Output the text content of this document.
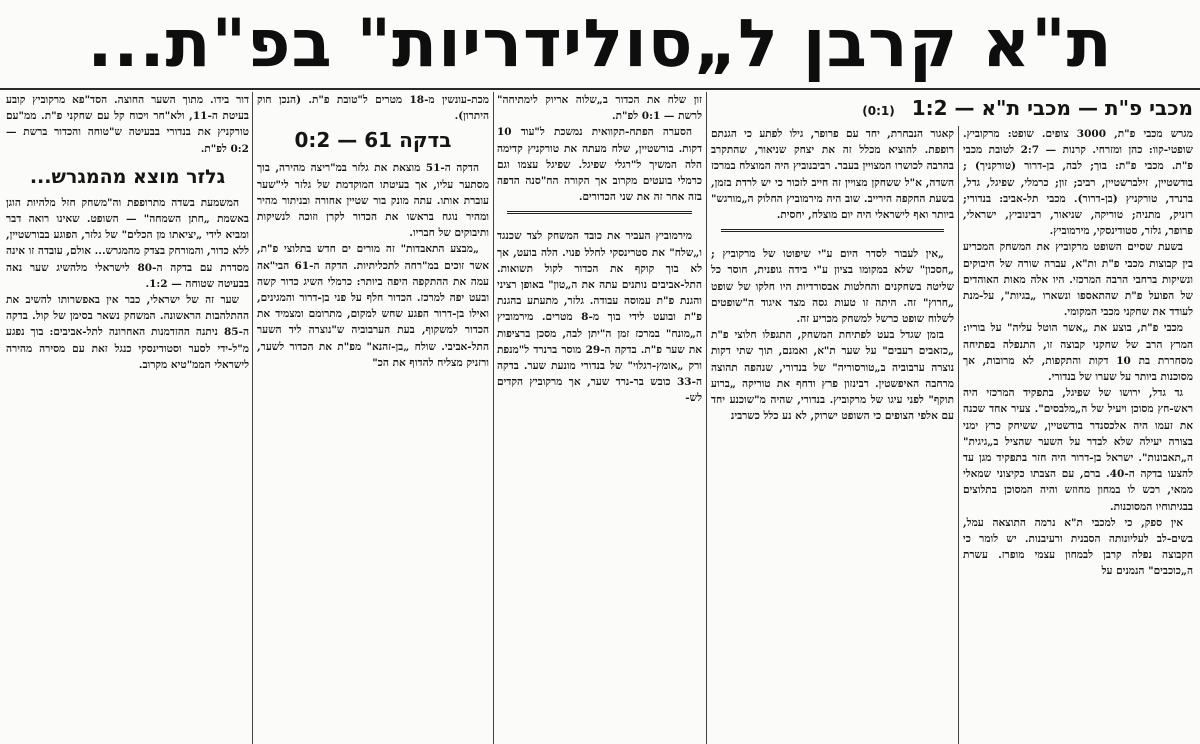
ת"א קרבן ל„סולידריות" בפ"ת...
מכבי פ"ת — מכבי ת"א — 1:2 (0:1)

מגרש מכבי פ"ת, 3000 צופים. שופט: מרקוביץ. שופטי-קוו: כהן ומזרחי. קרנות — 2:7 לטובת מכבי פ"ת. מכבי פ"ת: בוך; לבה, בן-דרור (טורקניך) ; בודשטיין, זילברשטיין, רביב; זון; כרמלי, שפיגל, גדל, ברנרד, טורקניץ (בן-דרור). מכבי תל-אביב: בנדורי; רזניק, מתניה; טוריקה, שניאור, רבינוביץ, ישראלי, פרופר, גלזר, סטודינסקי, מירמוביץ.

בשעת שסיים השופט מרקוביץ את המשחק המכריע בין קבוצות מכבי פ"ת ות"א, עברה שורה של חיבוקים ונשיקות ברחבי הרבה המרכזי. היו אלה מאות האוהדים של הפועל פ"ת שהתאספו ונשארו „בגיות", על-מנת לעודד את שחקני מכבי המקומי.

מכבי פ"ת, בוצע את „אשר הוטל עליה" על בוריו: המרץ הרב של שחקני קבוצה זו, התנפלה בפתיחה מסחררת בת 10 דקות והתקפות, לא מרובות, אך מסוכנות ביותר על שערו של בנדורי.

גד גדל, ירושו של שפיגל, בתפקיד המרכזי היה ראש-חץ מסוכן ויעיל של ה„מלבסים". צעיר אחד שכנה את זעמו היה אלכסנדר בודשטיין, ששיחק כרץ ימני בצורה יעילה שלא לבדר על השער שהציל ב„גיגית" ה„תאבונות". ישראל בן-דרור היה חזר בתפקיד מגן עד להצעו בדקה ה-40. ברם, עם הצבתו כקיצוני שמאלי ממאי, רכש לו במחון מחוזש והיה המסוכן בתלוצים בבגיתוחיו המסוכנות.

אין ספק, כי למכבי ת"א נרמה התוצאה עמל, בשים-לב לעליונותה הסבנית ורעיבנות. יש לומר כי הקבוצה נפלה קרבן לבמחון עצמי מופרז. עשרת ה„כוכבים" הנמנים על

קאגור הנבחרת, יחד עם פרופר, גילו לפתע כי הגנתם רופפת. להוציא מכלל זה את יצחק שניאור, שהתקרב בהרבה לכושרו המצויין בעבר. רביבנוביץ היה המוצלח במרכז השדה, א"ל ששחקן מצויין זה חייב לזכור כי יש לרדת בזמן, בשעת החקפה הירייב. שוב היה מירמוביץ החלוק ה„מורגש" ביותר ואף לישראלי היה יום מוצלח, יחסית.

„אין לעבור לסדר היום ע"י שיפוטו של מרקוביץ ; „חסכון" שלא במקומו בציון ע"י בידה גופנית, חוסר כל שליטה בשחקנים והחלטות אבסורדיות היו חלקו של שופט „חרוץ" זה. היתה זו טעות גסה מצד איגוד ה"שופטים לשלוח שופט כרשל למשחק מכריע זה.

בזמן שגדל בעט לפתיחת המשחק, התגפלו חלוצי פ"ת „כזאבים רעבים" על שער ת"א, ואמנם, תוך שתי דקות נוצרה ערבוביה ב„טורסוריה" של בנדורי, שנהפה תהוצה מרחבה האיפשטין. רבינזון פרץ ודחף את טוריקה „ברוע תוקף" לפני עיגו של מרקוביץ. בנדורי, שהיה מ"שוכנע יחד עם אלפי הצופים כי השופט ישרוק, לא נע כלל כשרבינ

זון שלח את הכדור ב„שלוה אריוק לימתיחה" לרשת — 0:1 לפ"ת.

הסערה הפתח-תקוואית נמשכת ל"עוד 10 דקות. בורשטיין, שלח מעתה את טורקניץ קדימה הלה המשיך ל"רגלי שפיגל. שפיגל עצמו וגם כרמלי בועטים מקרוב אך הקורה הח"סנה הדפה בזה אחר זה את שני הכדורים.

מירמוביץ העביר את כובד המשחק לצד שכנגד ו„שלח" את סטרינסקי לחלל פנוי. הלה בועט, אך לא בוך קוקף את הכדור לקול תשואות. התל-אביבים נותנים עתה את ה„טון" באופן רציני והגנת פ"ת עמוסה עבודה. גלזר, מתעתע בהגנת פ"ת ובועט לידי בוך מ-8 מטרים. מירמוביץ ה„מונח" במרכז זמן ה"יתן לבה, מסכן ברציפות את שער פ"ת. בדקה ה-29 מוסר ברנרד ל"מנפת ורק „אומץ-רגלוי" של בנדורי מונעת שער. בדקה ה-33 כובש בר-נרד שער, אך מרקוביץ הקדים לש-

מכת-עונשין מ-18 מטרים ל"טובת פ"ת. (הנכן חוק היתרון).

בדקה 61 — 0:2

הדקה ה-51 מוצאת את גלזר במ"ריצה מהירה, בוך מסתער עליו, אך בעיטתו המוקדמת של גלזר לי"שער עוברת אותו. עתה מונק בור שטיין אחורה ובניתור מהיר ומהיר נוגח בראשו את הכדור לקרן וזוכה לנשיקות ותיבוקים של חבריו.

„מבצע התאבדות" זה מורים ים חדש בתלוצי פ"ת, אשר זוכים במ"רחה לתכליתיות. הדקה ה-61 הבי"אה עמה את ההתקפה היפה ביותר: כרמלי השיג כדור קשה ובעט יפה למרכז. הכדור חלף על פני בן-דרור והמגינים, ואילו בן-דרור הפגע שחש למקום, מתרומם ומצמיד את הכדור למשקוף, בעת הערבוביה ש"נוצרה ליד השער התל-אביבי. שולח „בן-זהנא" מפ"ת את הכדור לשער, ורזניק מצליח להדוף את הכ"

דור בידו. מתוך השער החוצה. הסד"פא מרקוביץ קובע בעיטת ה-11, ולא"חר ויכוח קל עם שחקני פ"ת. ממ"עם טורקניץ את בנדורי בבעיטה ש"טוחה והכדור ברשת — 0:2 לפ"ת.

גלזר מוצא מהמגרש...

המשמעת בשדה מתרופפת וה"משחק חזל מלהיות הוגן באשמת „חתן השמחה" — השופט. שאינו רואה דבר ומביא לידי „יציאתו מן הכלים" של גלזר, הפוגע בבורשטיין, ללא כדור, והמורחק בצדק מהמגרש... אולם, עובדה זו אינה מסדרת עם בדקה ה-80 לישראלי מלהשיג שער נאה בבעיטה שטוחה — 1:2.

שער זה של ישראלי, כבר אין באפשרותו להשיב את ההתלהבות הראשונה. המשחק נשאר בסימן של קול. בדקה ה-85 ניתנה ההזדמנות האחרונה לתל-אביבים: בוך נפגע מ"ל-ידי לסער וסטודינסקי כנגל זאת עם מסירה מהירה לישראלי הממ"טיא מקרוב.
